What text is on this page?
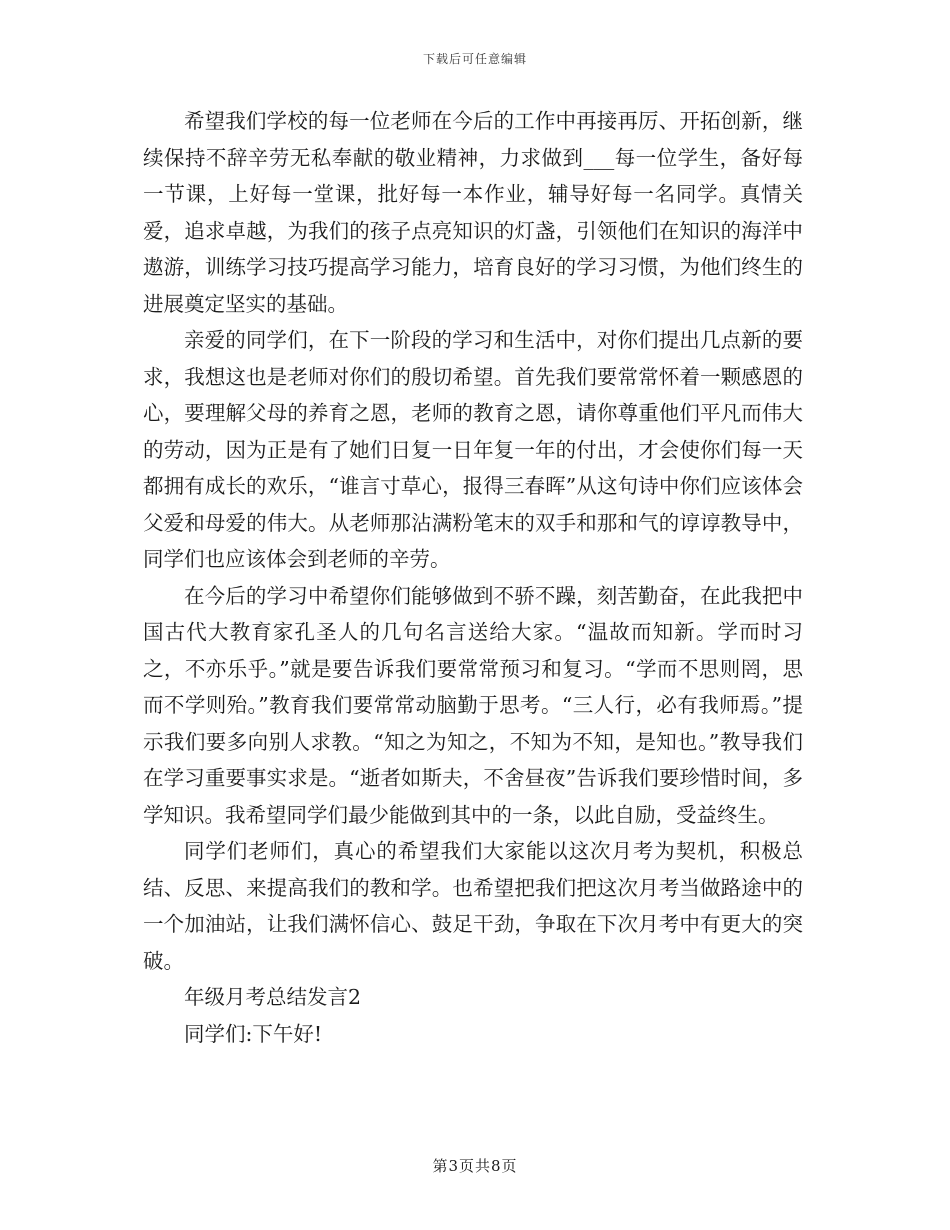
下载后可任意编辑

希望我们学校的每一位老师在今后的工作中再接再厉、开拓创新，继续保持不辞辛劳无私奉献的敬业精神，力求做到___每一位学生，备好每一节课，上好每一堂课，批好每一本作业，辅导好每一名同学。真情关爱，追求卓越，为我们的孩子点亮知识的灯盏，引领他们在知识的海洋中遨游，训练学习技巧提高学习能力，培育良好的学习习惯，为他们终生的进展奠定坚实的基础。

亲爱的同学们，在下一阶段的学习和生活中，对你们提出几点新的要求，我想这也是老师对你们的殷切希望。首先我们要常常怀着一颗感恩的心，要理解父母的养育之恩，老师的教育之恩，请你尊重他们平凡而伟大的劳动，因为正是有了她们日复一日年复一年的付出，才会使你们每一天都拥有成长的欢乐，“谁言寸草心，报得三春晖”从这句诗中你们应该体会父爱和母爱的伟大。从老师那沾满粉笔末的双手和那和气的谆谆教导中，同学们也应该体会到老师的辛劳。

在今后的学习中希望你们能够做到不骄不躁，刻苦勤奋，在此我把中国古代大教育家孔圣人的几句名言送给大家。“温故而知新。学而时习之，不亦乐乎。”就是要告诉我们要常常预习和复习。“学而不思则罔，思而不学则殆。”教育我们要常常动脑勤于思考。“三人行，必有我师焉。”提示我们要多向别人求教。“知之为知之，不知为不知，是知也。”教导我们在学习重要事实求是。“逝者如斯夫，不舍昼夜”告诉我们要珍惜时间，多学知识。我希望同学们最少能做到其中的一条，以此自励，受益终生。

同学们老师们，真心的希望我们大家能以这次月考为契机，积极总结、反思、来提高我们的教和学。也希望把我们把这次月考当做路途中的一个加油站，让我们满怀信心、鼓足干劲，争取在下次月考中有更大的突破。

年级月考总结发言2

同学们:下午好!

第3页共8页
